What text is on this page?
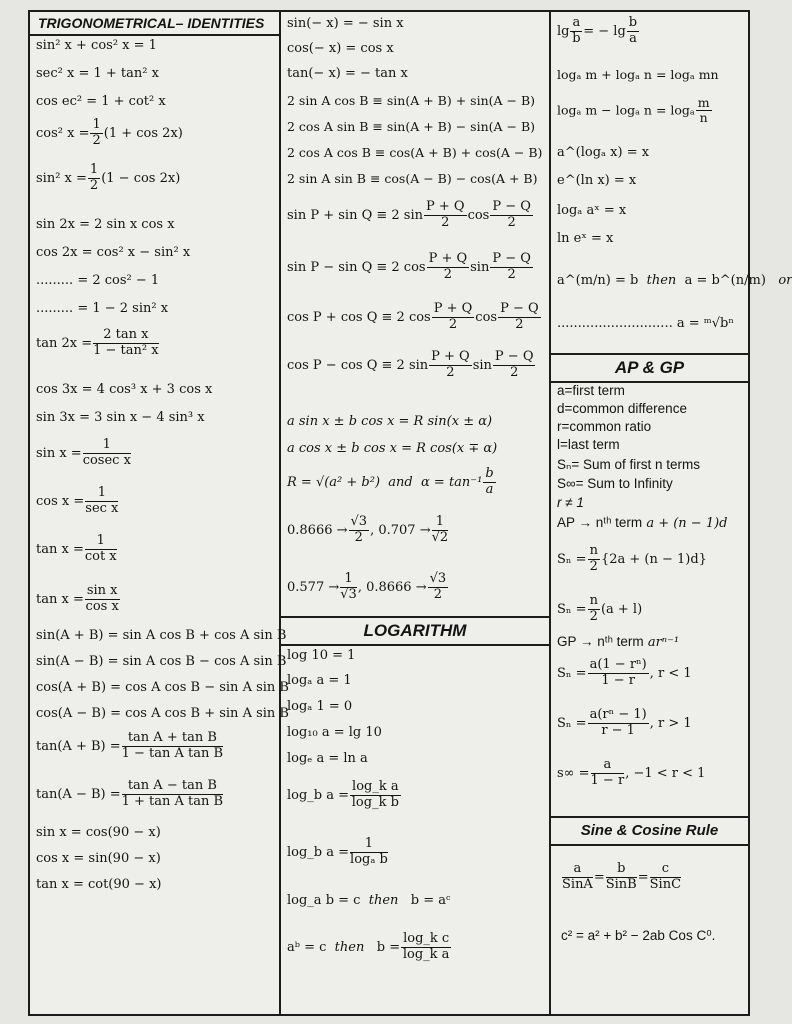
TRIGONOMETRICAL– IDENTITIES
sin² x + cos² x = 1
sec² x = 1 + tan² x
cos ec² = 1 + cot² x
cos² $x = \frac{1}{2} (1 + \cos 2x)$
sin² $x = \frac{1}{2} (1 - \cos 2x)$
sin 2x = 2 sin x cos x
cos 2x = cos² x − sin² x
......... = 2 cos² − 1
......... = 1 − 2 sin² x
$\tan 2x = \frac{\text{2 tan x}}{\text{1 − tan² x}}$
cos 3x = 4 cos³ x + 3 cos x
sin 3x = 3 sin x − 4 sin³ x
$\sin x = \frac{1}{\text{cosec x}}$
cos x =
1
sec x
$\tan x = \frac{1}{\text{cot x}}$
$\tan x = \frac{\text{sin x}}{\text{cos x}}$
sin(A + B) = sin A cos B + cos A sin B
sin(A − B) = sin A cos B − cos A sin B
cos(A + B) = cos A cos B − sin A sin B
cos(A − B) = cos A cos B + sin A sin B
$\tan(A + B) = \frac{\text{tan A + tan B}}{\text{1 − tan A tan B}}$
$\tan(A - B) = \frac{\text{tan A − tan B}}{\text{1 + tan A tan B}}$
sin x = cos(90 − x)
cos x = sin(90 − x)
tan x = cot(90 − x)
sin(− x) = − sin x
cos(− x) = cos x
tan(− x) = − tan x
2 sin A cos B ≡ sin(A + B) + sin(A − B)
2 cos A sin B ≡ sin(A + B) − sin(A − B)
2 cos A cos B ≡ cos(A + B) + cos(A − B)
2 sin A sin B ≡ cos(A − B) − cos(A + B)
sin P + sin Q ≡ 2 $\sin \frac{P + Q}{2}$ $\cos \frac{P - Q}{2}$
sin P − sin Q ≡ 2 $\cos \frac{P + Q}{2}$ $\sin \frac{P - Q}{2}$
cos P + cos Q ≡ 2 $\cos \frac{P + Q}{2}$ $\cos \frac{P - Q}{2}$
cos P − cos Q ≡ 2 $\sin \frac{P + Q}{2}$ $\sin \frac{P - Q}{2}$
a sin x ± b cos x = R sin(x ± α)
a cos x ± b cos x = R cos(x ∓ α)
R = √(a² + b²) and $\alpha = \tan^{-1} \frac{b}{a}$
$0.8666 \to \frac{√3}{2}$ , $0.707 \to \frac{1}{√2}$
$0.577 \to \frac{1}{√3}$ , $0.8666 \to \frac{√3}{2}$
LOGARITHM
log 10 = 1
logₐ a = 1
logₐ 1 = 0
log₁₀ a = lg 10
logₑ a = ln a
log_b $a = \frac{\text{log\_k a}}{\text{log\_k b}}$
log_b $a = \frac{1}{\text{logₐ b}}$
log_a b = c then b = aᶜ
aᵇ = c then $b = \frac{\text{log\_k c}}{\text{log\_k a}}$
$\lg \frac{a}{b}$ = − $\lg \frac{b}{a}$
logₐ m + logₐ n = logₐ mn
logₐ m − logₐ n = logₐ $\frac{m}{n}$
a^(logₐ x) = x
e^(ln x) = x
logₐ aˣ = x
ln eˣ = x
a^(m/n) = b then a = b^(n/m) or
............................ a = ᵐ√bⁿ
AP & GP
a=first term
d=common difference
r=common ratio
l=last term
Sₙ= Sum of first n terms
S∞= Sum to Infinity
r ≠ 1
AP → nᵗʰ term a + (n − 1)d
$S_n = \frac{n}{2} \{2a + (n - 1)d\}$
$S_n = \frac{n}{2} (a + l)$
GP → nᵗʰ term arⁿ⁻¹
$S_n = \frac{\text{a(1 − rⁿ)}}{1 - r}$ , r < 1
$S_n = \frac{\text{a(rⁿ − 1)}}{r - 1}$ , r > 1
$s\infty = \frac{a}{1 - r}$ , −1 < r < 1
Sine & Cosine Rule
a
SinA =
b
SinB =
c
SinC
c² = a² + b² − 2ab Cos C⁰.
